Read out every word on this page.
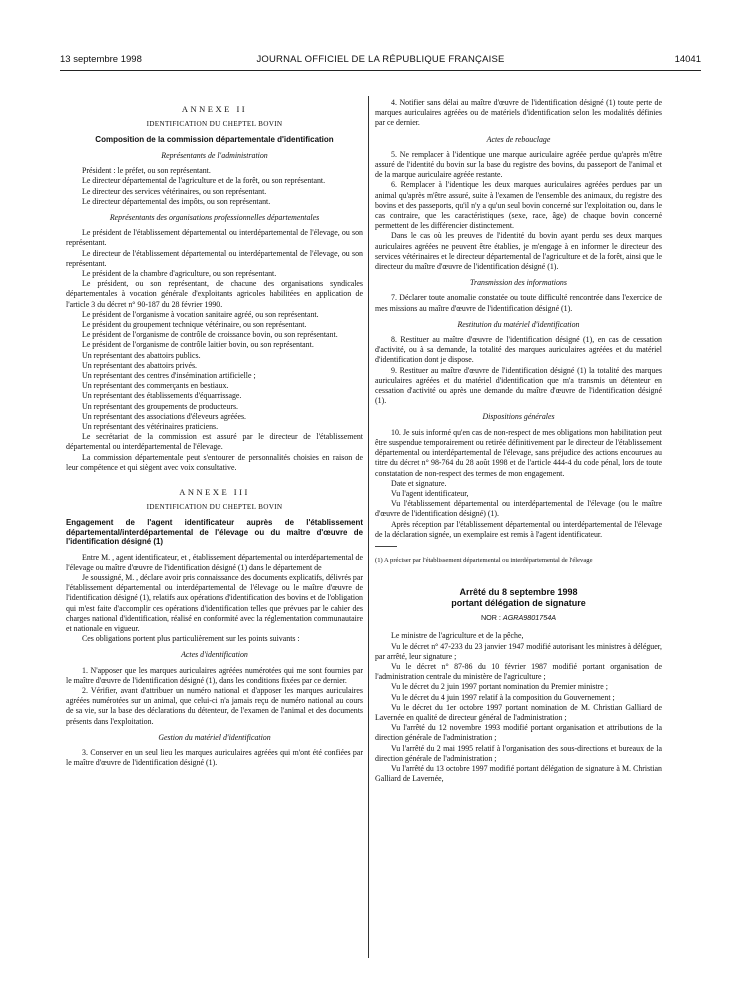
13 septembre 1998	JOURNAL OFFICIEL DE LA RÉPUBLIQUE FRANÇAISE	14041
ANNEXE II
IDENTIFICATION DU CHEPTEL BOVIN
Composition de la commission départementale d'identification
Représentants de l'administration

Président : le préfet, ou son représentant.

Le directeur départemental de l'agriculture et de la forêt, ou son représentant.

Le directeur des services vétérinaires, ou son représentant.

Le directeur départemental des impôts, ou son représentant.

Représentants des organisations professionnelles départementales

Le président de l'établissement départemental ou interdépartemental de l'élevage, ou son représentant.

Le directeur de l'établissement départemental ou interdépartemental de l'élevage, ou son représentant.

Le président de la chambre d'agriculture, ou son représentant.

Le président, ou son représentant, de chacune des organisations syndicales départementales à vocation générale d'exploitants agricoles habilitées en application de l'article 3 du décret n° 90-187 du 28 février 1990.

Le président de l'organisme à vocation sanitaire agréé, ou son représentant.

Le président du groupement technique vétérinaire, ou son représentant.

Le président de l'organisme de contrôle de croissance bovin, ou son représentant.

Le président de l'organisme de contrôle laitier bovin, ou son représentant.

Un représentant des abattoirs publics.

Un représentant des abattoirs privés.

Un représentant des centres d'insémination artificielle ;

Un représentant des commerçants en bestiaux.

Un représentant des établissements d'équarrissage.

Un représentant des groupements de producteurs.

Un représentant des associations d'éleveurs agréées.

Un représentant des vétérinaires praticiens.

Le secrétariat de la commission est assuré par le directeur de l'établissement départemental ou interdépartemental de l'élevage.

La commission départementale peut s'entourer de personnalités choisies en raison de leur compétence et qui siègent avec voix consultative.

ANNEXE III
IDENTIFICATION DU CHEPTEL BOVIN
Engagement de l'agent identificateur auprès de l'établissement départemental/interdépartemental de l'élevage ou du maître d'œuvre de l'identification désigné (1)

Entre M. , agent identificateur, et , établissement départemental ou interdépartemental de l'élevage ou maître d'œuvre de l'identification désigné (1) dans le département de

Je soussigné, M. , déclare avoir pris connaissance des documents explicatifs, délivrés par l'établissement départemental ou interdépartemental de l'élevage ou le maître d'œuvre de l'identification désigné (1), relatifs aux opérations d'identification des bovins et de l'obligation qui m'est faite d'accomplir ces opérations d'identification telles que prévues par le cahier des charges national d'identification, réalisé en conformité avec la réglementation communautaire et nationale en vigueur.

Ces obligations portent plus particulièrement sur les points suivants :

Actes d'identification

1. N'apposer que les marques auriculaires agréées numérotées qui me sont fournies par le maître d'œuvre de l'identification désigné (1), dans les conditions fixées par ce dernier.

2. Vérifier, avant d'attribuer un numéro national et d'apposer les marques auriculaires agréées numérotées sur un animal, que celui-ci n'a jamais reçu de numéro national au cours de sa vie, sur la base des déclarations du détenteur, de l'examen de l'animal et des documents présents dans l'exploitation.

Gestion du matériel d'identification

3. Conserver en un seul lieu les marques auriculaires agréées qui m'ont été confiées par le maître d'œuvre de l'identification désigné (1).

4. Notifier sans délai au maître d'œuvre de l'identification désigné (1) toute perte de marques auriculaires agréées ou de matériels d'identification selon les modalités définies par ce dernier.

Actes de rebouclage

5. Ne remplacer à l'identique une marque auriculaire agréée perdue qu'après m'être assuré de l'identité du bovin sur la base du registre des bovins, du passeport de l'animal et de la marque auriculaire agréée restante.

6. Remplacer à l'identique les deux marques auriculaires agréées perdues par un animal qu'après m'être assuré, suite à l'examen de l'ensemble des animaux, du registre des bovins et des passeports, qu'il n'y a qu'un seul bovin concerné sur l'exploitation ou, dans le cas contraire, que les caractéristiques (sexe, race, âge) de chaque bovin concerné permettent de les différencier distinctement.

Dans le cas où les preuves de l'identité du bovin ayant perdu ses deux marques auriculaires agréées ne peuvent être établies, je m'engage à en informer le directeur des services vétérinaires et le directeur départemental de l'agriculture et de la forêt, ainsi que le directeur du maître d'œuvre de l'identification désigné (1).

Transmission des informations

7. Déclarer toute anomalie constatée ou toute difficulté rencontrée dans l'exercice de mes missions au maître d'œuvre de l'identification désigné (1).

Restitution du matériel d'identification

8. Restituer au maître d'œuvre de l'identification désigné (1), en cas de cessation d'activité, ou à sa demande, la totalité des marques auriculaires agréées et du matériel d'identification dont je dispose.

9. Restituer au maître d'œuvre de l'identification désigné (1) la totalité des marques auriculaires agréées et du matériel d'identification que m'a transmis un détenteur en cessation d'activité ou après une demande du maître d'œuvre de l'identification désigné (1).

Dispositions générales

10. Je suis informé qu'en cas de non-respect de mes obligations mon habilitation peut être suspendue temporairement ou retirée définitivement par le directeur de l'établissement départemental ou interdépartemental de l'élevage, sans préjudice des actions encourues au titre du décret n° 98-764 du 28 août 1998 et de l'article 444-4 du code pénal, lors de toute constatation de non-respect des termes de mon engagement.

Date et signature.

Vu l'agent identificateur,

Vu l'établissement départemental ou interdépartemental de l'élevage (ou le maître d'œuvre de l'identification désigné) (1).

Après réception par l'établissement départemental ou interdépartemental de l'élevage de la déclaration signée, un exemplaire est remis à l'agent identificateur.

(1) A préciser par l'établissement départemental ou interdépartemental de l'élevage

Arrêté du 8 septembre 1998
portant délégation de signature
NOR : AGRA9801754A

Le ministre de l'agriculture et de la pêche,

Vu le décret n° 47-233 du 23 janvier 1947 modifié autorisant les ministres à déléguer, par arrêté, leur signature ;

Vu le décret n° 87-86 du 10 février 1987 modifié portant organisation de l'administration centrale du ministère de l'agriculture ;

Vu le décret du 2 juin 1997 portant nomination du Premier ministre ;

Vu le décret du 4 juin 1997 relatif à la composition du Gouvernement ;

Vu le décret du 1er octobre 1997 portant nomination de M. Christian Galliard de Lavernée en qualité de directeur général de l'administration ;

Vu l'arrêté du 12 novembre 1993 modifié portant organisation et attributions de la direction générale de l'administration ;

Vu l'arrêté du 2 mai 1995 relatif à l'organisation des sous-directions et bureaux de la direction générale de l'administration ;

Vu l'arrêté du 13 octobre 1997 modifié portant délégation de signature à M. Christian Galliard de Lavernée,
